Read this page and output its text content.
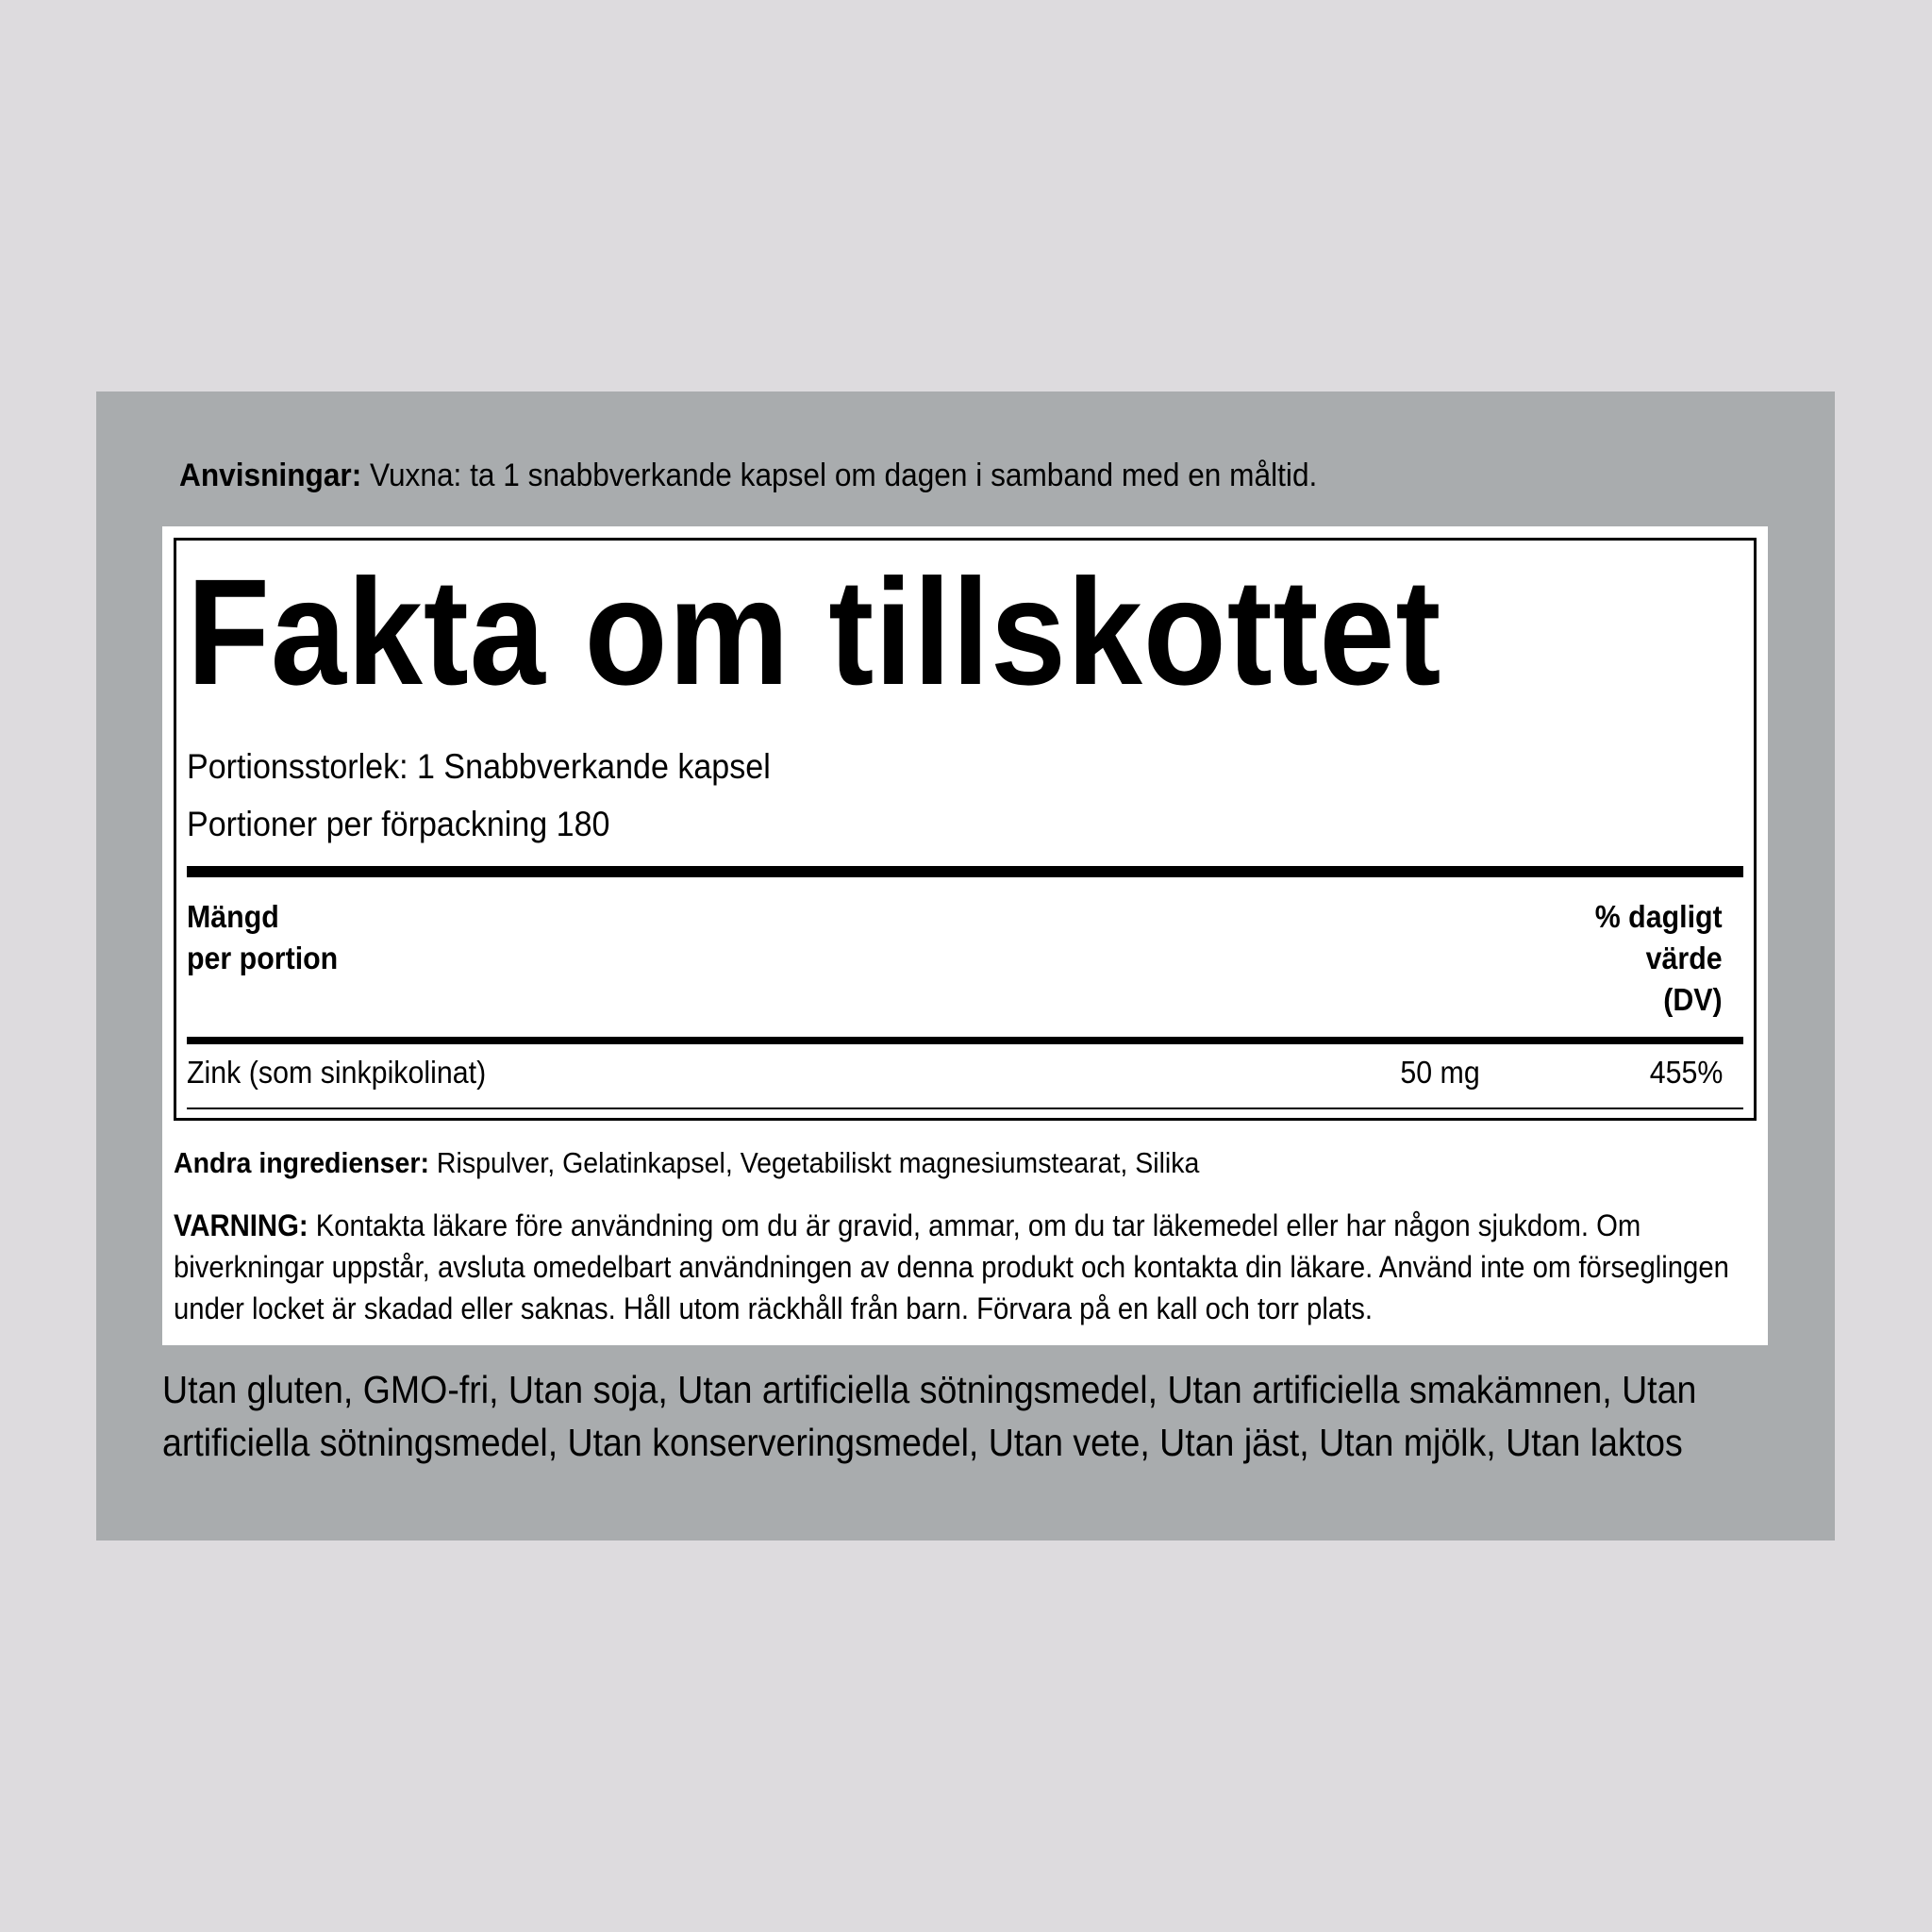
Anvisningar: Vuxna: ta 1 snabbverkande kapsel om dagen i samband med en måltid.
Fakta om tillskottet
Portionsstorlek: 1 Snabbverkande kapsel
Portioner per förpackning 180
Mängd
per portion
% dagligt
värde
(DV)
Zink (som sinkpikolinat)	50 mg	455%
Andra ingredienser: Rispulver, Gelatinkapsel, Vegetabiliskt magnesiumstearat, Silika
VARNING: Kontakta läkare före användning om du är gravid, ammar, om du tar läkemedel eller har någon sjukdom. Om biverkningar uppstår, avsluta omedelbart användningen av denna produkt och kontakta din läkare. Använd inte om förseglingen under locket är skadad eller saknas. Håll utom räckhåll från barn. Förvara på en kall och torr plats.
Utan gluten, GMO-fri, Utan soja, Utan artificiella sötningsmedel, Utan artificiella smakämnen, Utan artificiella sötningsmedel, Utan konserveringsmedel, Utan vete, Utan jäst, Utan mjölk, Utan laktos
